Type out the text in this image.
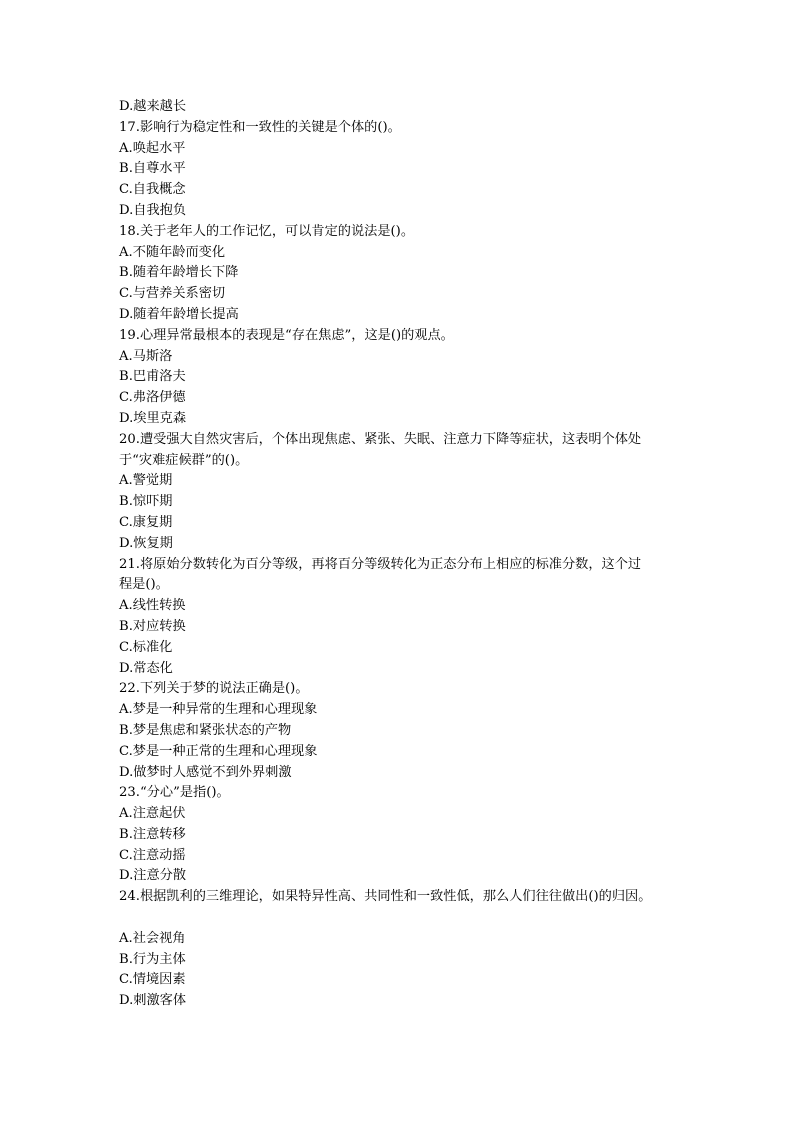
D.越来越长

17.影响行为稳定性和一致性的关键是个体的()。

A.唤起水平

B.自尊水平

C.自我概念

D.自我抱负

18.关于老年人的工作记忆，可以肯定的说法是()。

A.不随年龄而变化

B.随着年龄增长下降

C.与营养关系密切

D.随着年龄增长提高

19.心理异常最根本的表现是“存在焦虑”，这是()的观点。

A.马斯洛

B.巴甫洛夫

C.弗洛伊德

D.埃里克森

20.遭受强大自然灾害后，个体出现焦虑、紧张、失眠、注意力下降等症状，这表明个体处

于“灾难症候群”的()。

A.警觉期

B.惊吓期

C.康复期

D.恢复期

21.将原始分数转化为百分等级，再将百分等级转化为正态分布上相应的标准分数，这个过

程是()。

A.线性转换

B.对应转换

C.标准化

D.常态化

22.下列关于梦的说法正确是()。

A.梦是一种异常的生理和心理现象

B.梦是焦虑和紧张状态的产物

C.梦是一种正常的生理和心理现象

D.做梦时人感觉不到外界刺激

23.“分心”是指()。

A.注意起伏

B.注意转移

C.注意动摇

D.注意分散

24.根据凯利的三维理论，如果特异性高、共同性和一致性低，那么人们往往做出()的归因。

A.社会视角

B.行为主体

C.情境因素

D.刺激客体
